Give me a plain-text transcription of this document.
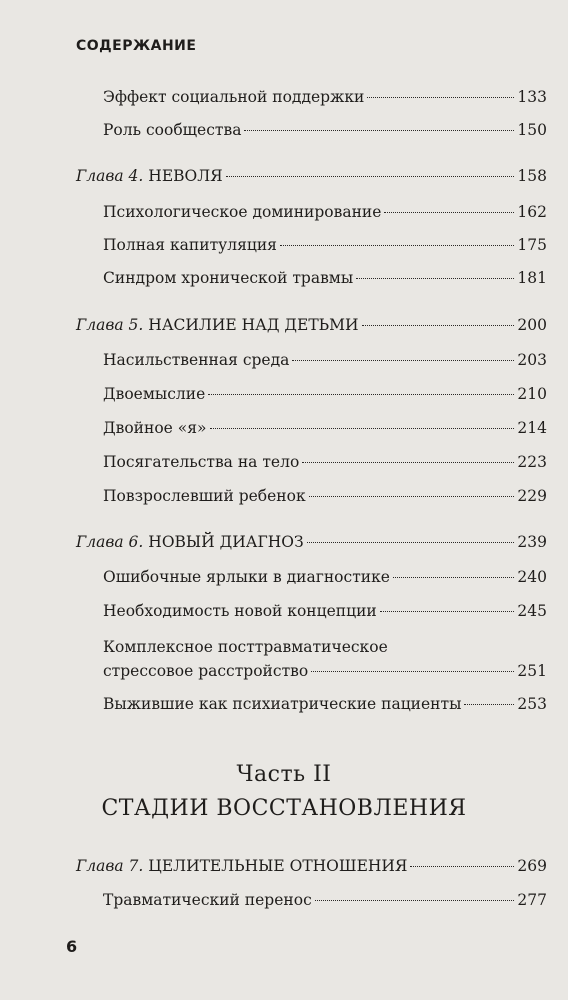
СОДЕРЖАНИЕ
Эффект социальной поддержки	133
Роль сообщества	150
Глава 4. НЕВОЛЯ	158
Психологическое доминирование	162
Полная капитуляция	175
Синдром хронической травмы	181
Глава 5. НАСИЛИЕ НАД ДЕТЬМИ	200
Насильственная среда	203
Двоемыслие	210
Двойное «я»	214
Посягательства на тело	223
Повзрослевший ребенок	229
Глава 6. НОВЫЙ ДИАГНОЗ	239
Ошибочные ярлыки в диагностике	240
Необходимость новой концепции	245
Комплексное посттравматическое
стрессовое расстройство	251
Выжившие как психиатрические пациенты	253
Часть II
СТАДИИ ВОССТАНОВЛЕНИЯ
Глава 7. ЦЕЛИТЕЛЬНЫЕ ОТНОШЕНИЯ	269
Травматический перенос	277
6
